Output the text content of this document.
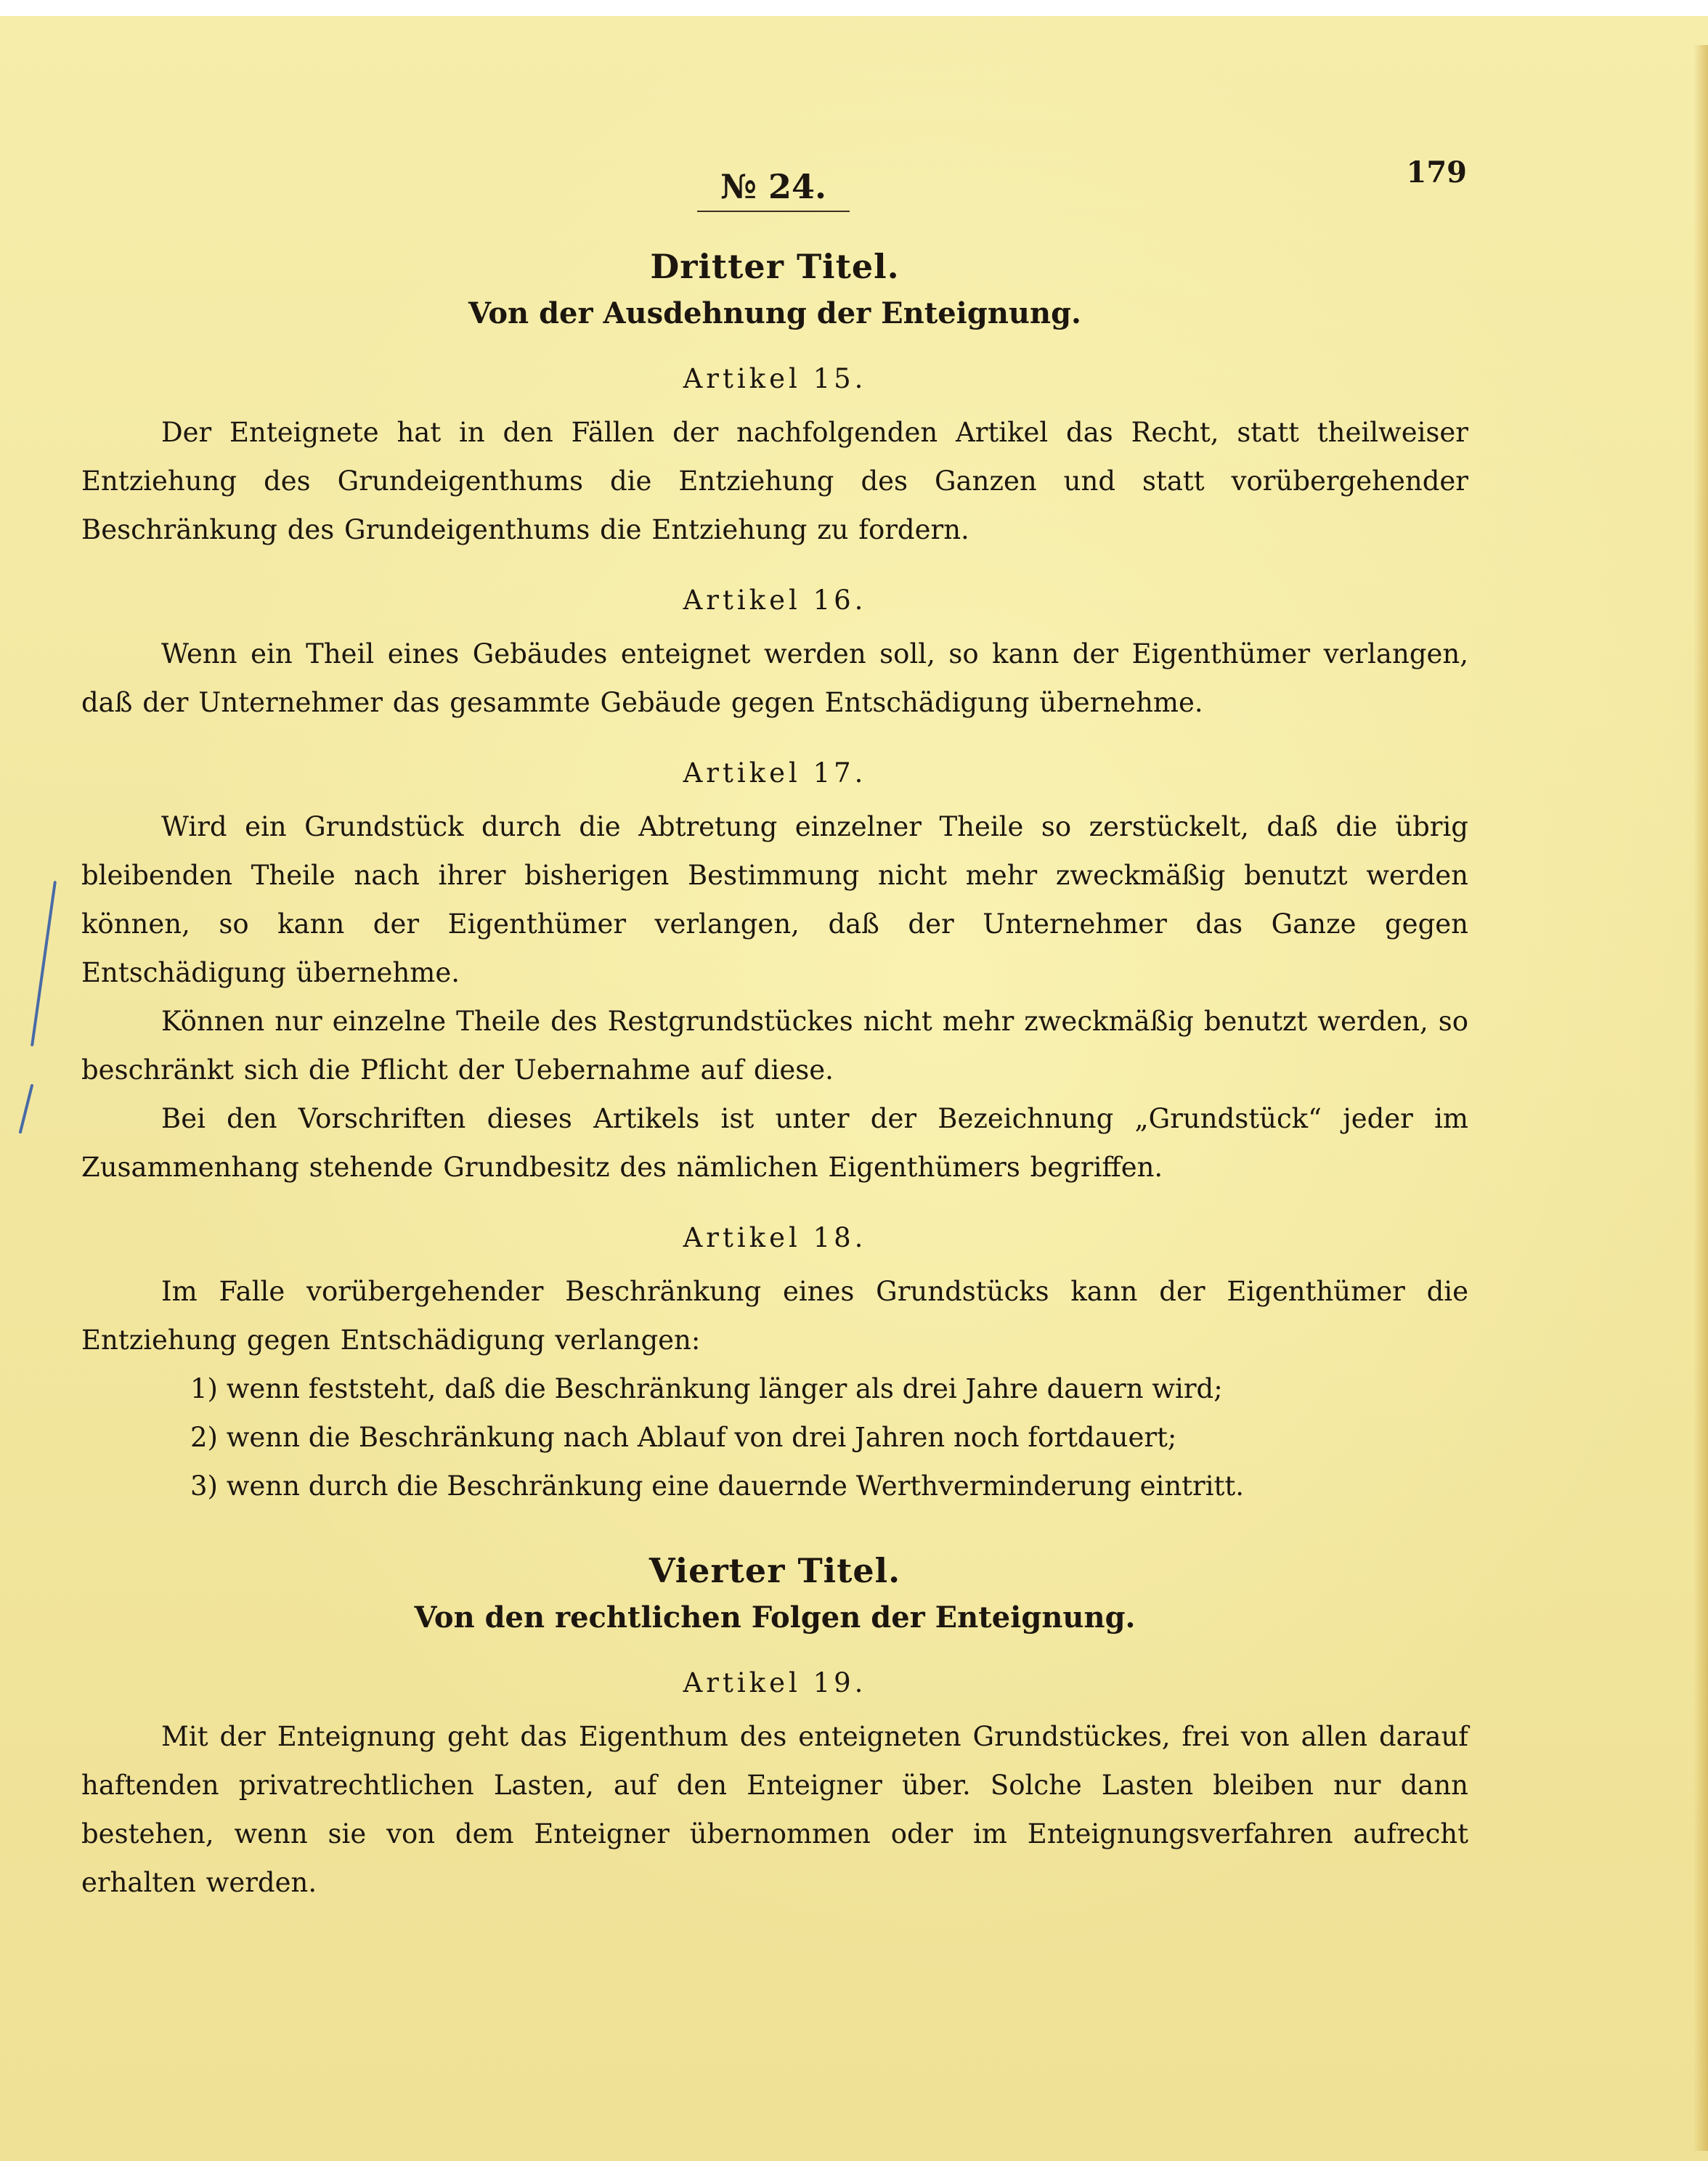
№ 24.	179
Dritter Titel.
Von der Ausdehnung der Enteignung.
Artikel 15.

Der Enteignete hat in den Fällen der nachfolgenden Artikel das Recht, statt theilweiser Entziehung des Grundeigenthums die Entziehung des Ganzen und statt vorübergehender Beschränkung des Grundeigenthums die Entziehung zu fordern.

Artikel 16.

Wenn ein Theil eines Gebäudes enteignet werden soll, so kann der Eigenthümer verlangen, daß der Unternehmer das gesammte Gebäude gegen Entschädigung übernehme.

Artikel 17.

Wird ein Grundstück durch die Abtretung einzelner Theile so zerstückelt, daß die übrig bleibenden Theile nach ihrer bisherigen Bestimmung nicht mehr zweckmäßig benutzt werden können, so kann der Eigenthümer verlangen, daß der Unternehmer das Ganze gegen Entschädigung übernehme.

Können nur einzelne Theile des Restgrundstückes nicht mehr zweckmäßig benutzt werden, so beschränkt sich die Pflicht der Uebernahme auf diese.

Bei den Vorschriften dieses Artikels ist unter der Bezeichnung „Grundstück“ jeder im Zusammenhang stehende Grundbesitz des nämlichen Eigenthümers begriffen.

Artikel 18.

Im Falle vorübergehender Beschränkung eines Grundstücks kann der Eigenthümer die Entziehung gegen Entschädigung verlangen:

1) wenn feststeht, daß die Beschränkung länger als drei Jahre dauern wird;

2) wenn die Beschränkung nach Ablauf von drei Jahren noch fortdauert;

3) wenn durch die Beschränkung eine dauernde Werthverminderung eintritt.

Vierter Titel.
Von den rechtlichen Folgen der Enteignung.
Artikel 19.

Mit der Enteignung geht das Eigenthum des enteigneten Grundstückes, frei von allen darauf haftenden privatrechtlichen Lasten, auf den Enteigner über. Solche Lasten bleiben nur dann bestehen, wenn sie von dem Enteigner übernommen oder im Enteignungsverfahren aufrecht erhalten werden.
